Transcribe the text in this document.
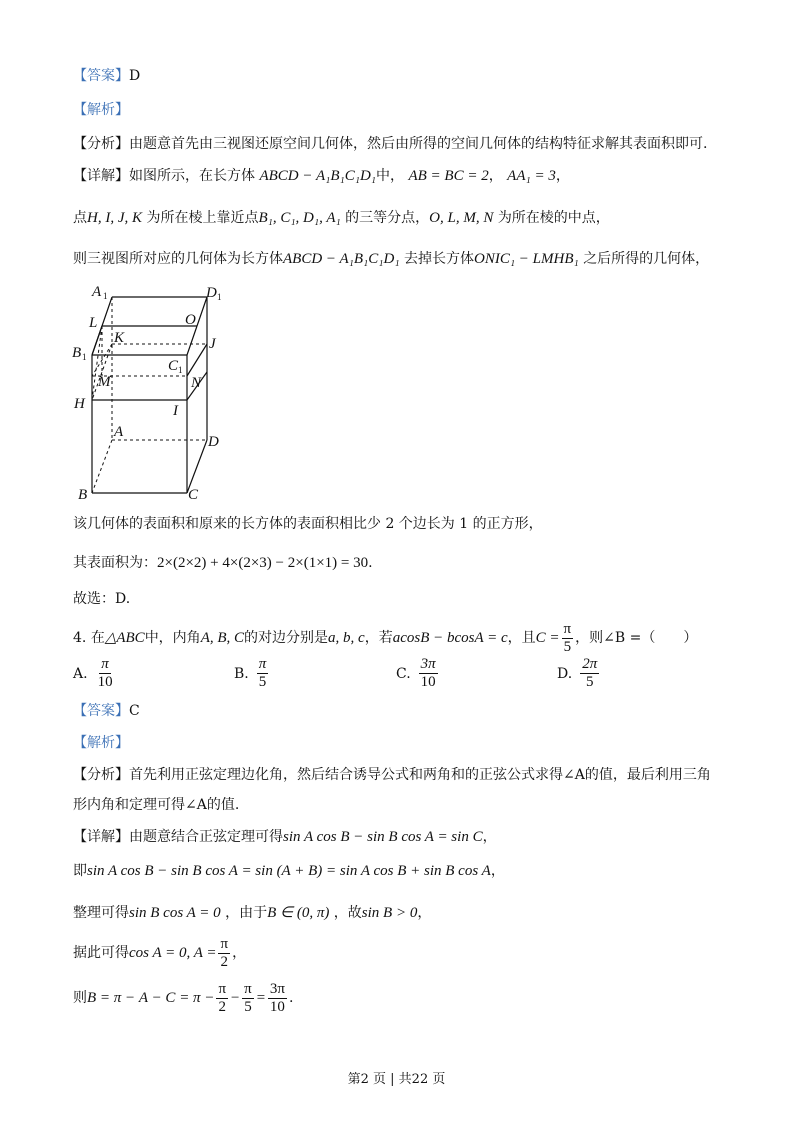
【答案】D
【解析】
【分析】由题意首先由三视图还原空间几何体，然后由所得的空间几何体的结构特征求解其表面积即可.
【详解】如图所示，在长方体 ABCD − A₁B₁C₁D₁中， AB = BC = 2， AA₁ = 3，
点H, I, J, K 为所在棱上靠近点B₁, C₁, D₁, A₁ 的三等分点，O, L, M, N 为所在棱的中点，
则三视图所对应的几何体为长方体ABCD − A₁B₁C₁D₁ 去掉长方体ONIC₁ − LMHB₁ 之后所得的几何体，
A 1	D 1
L	O
K	J
B 1
C 1
M	N
H	I
A
D
B	C
该几何体的表面积和原来的长方体的表面积相比少 2 个边长为 1 的正方形，
其表面积为：2×(2×2) + 4×(2×3) − 2×(1×1) = 30.
故选：D.
4.
在 △ABC 中，内角 A, B, C 的对边分别是 a, b, c ，若 acosB − bcosA = c ，且 $C = \frac{\pi}{5}$ ，则∠B =（　　）
A. $\frac{\pi}{10}$	B. $\frac{\pi}{5}$	C. $\frac{3\pi}{10}$	D. $\frac{2\pi}{5}$
【答案】C
【解析】
【分析】首先利用正弦定理边化角，然后结合诱导公式和两角和的正弦公式求得∠A的值，最后利用三角
形内角和定理可得∠A的值.
【详解】由题意结合正弦定理可得sin A cos B − sin B cos A = sin C，
即sin A cos B − sin B cos A = sin (A + B) = sin A cos B + sin B cos A，
整理可得sin B cos A = 0 ，由于B ∈ (0, π) ，故sin B > 0，
据此可得 cos A = 0, $A = \frac{\pi}{2}$ ，
则 $B = \pi - A - C = \pi - \frac{\pi}{2} - \frac{\pi}{5} = \frac{3\pi}{10}$ .
第2 页 | 共22 页
